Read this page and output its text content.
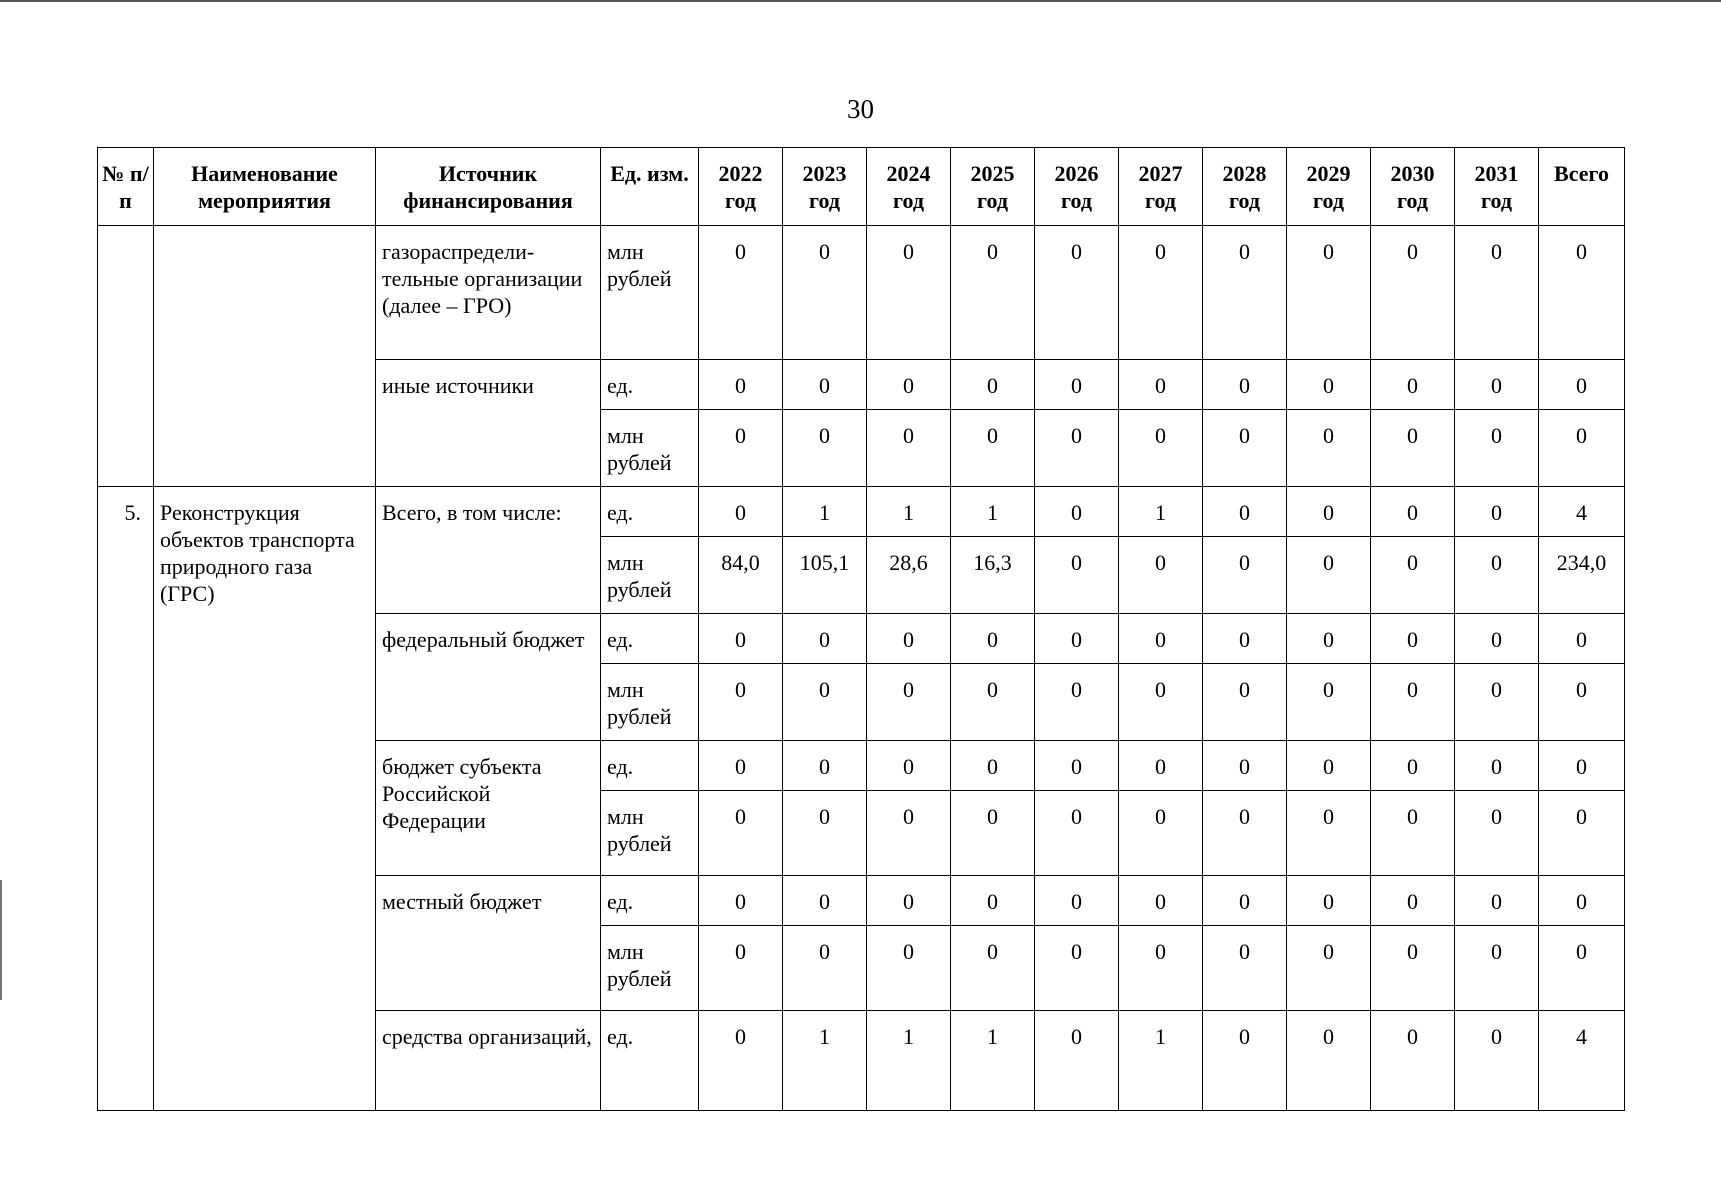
30
№ п/п	Наименование мероприятия	Источник финансирования	Ед. изм.	2022 год	2023 год	2024 год	2025 год	2026 год	2027 год	2028 год	2029 год	2030 год	2031 год	Всего
		газораспредели-тельные организации (далее – ГРО)	млн рублей	0	0	0	0	0	0	0	0	0	0	0
		иные источники	ед.	0	0	0	0	0	0	0	0	0	0	0
			млн рублей	0	0	0	0	0	0	0	0	0	0	0
5.	Реконструкция объектов транспорта природного газа (ГРС)	Всего, в том числе:	ед.	0	1	1	1	0	1	0	0	0	0	4
			млн рублей	84,0	105,1	28,6	16,3	0	0	0	0	0	0	234,0
		федеральный бюджет	ед.	0	0	0	0	0	0	0	0	0	0	0
			млн рублей	0	0	0	0	0	0	0	0	0	0	0
		бюджет субъекта Российской Федерации	ед.	0	0	0	0	0	0	0	0	0	0	0
			млн рублей	0	0	0	0	0	0	0	0	0	0	0
		местный бюджет	ед.	0	0	0	0	0	0	0	0	0	0	0
			млн рублей	0	0	0	0	0	0	0	0	0	0	0
		средства организаций,	ед.	0	1	1	1	0	1	0	0	0	0	4
